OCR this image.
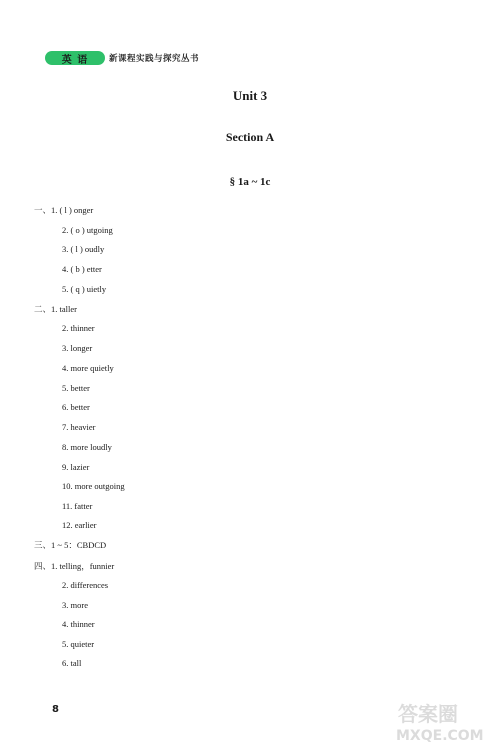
英 语	新课程实践与探究丛书
Unit 3
Section A
§ 1a ~ 1c
一、1. ( l ) onger
2. ( o ) utgoing
3. ( l ) oudly
4. ( b ) etter
5. ( q ) uietly
二、1. taller
2. thinner
3. longer
4. more quietly
5. better
6. better
7. heavier
8. more loudly
9. lazier
10. more outgoing
11. fatter
12. earlier
三、1 ~ 5：CBDCD
四、1. telling，funnier
2. differences
3. more
4. thinner
5. quieter
6. tall
8	答案圈
MXQE.COM
